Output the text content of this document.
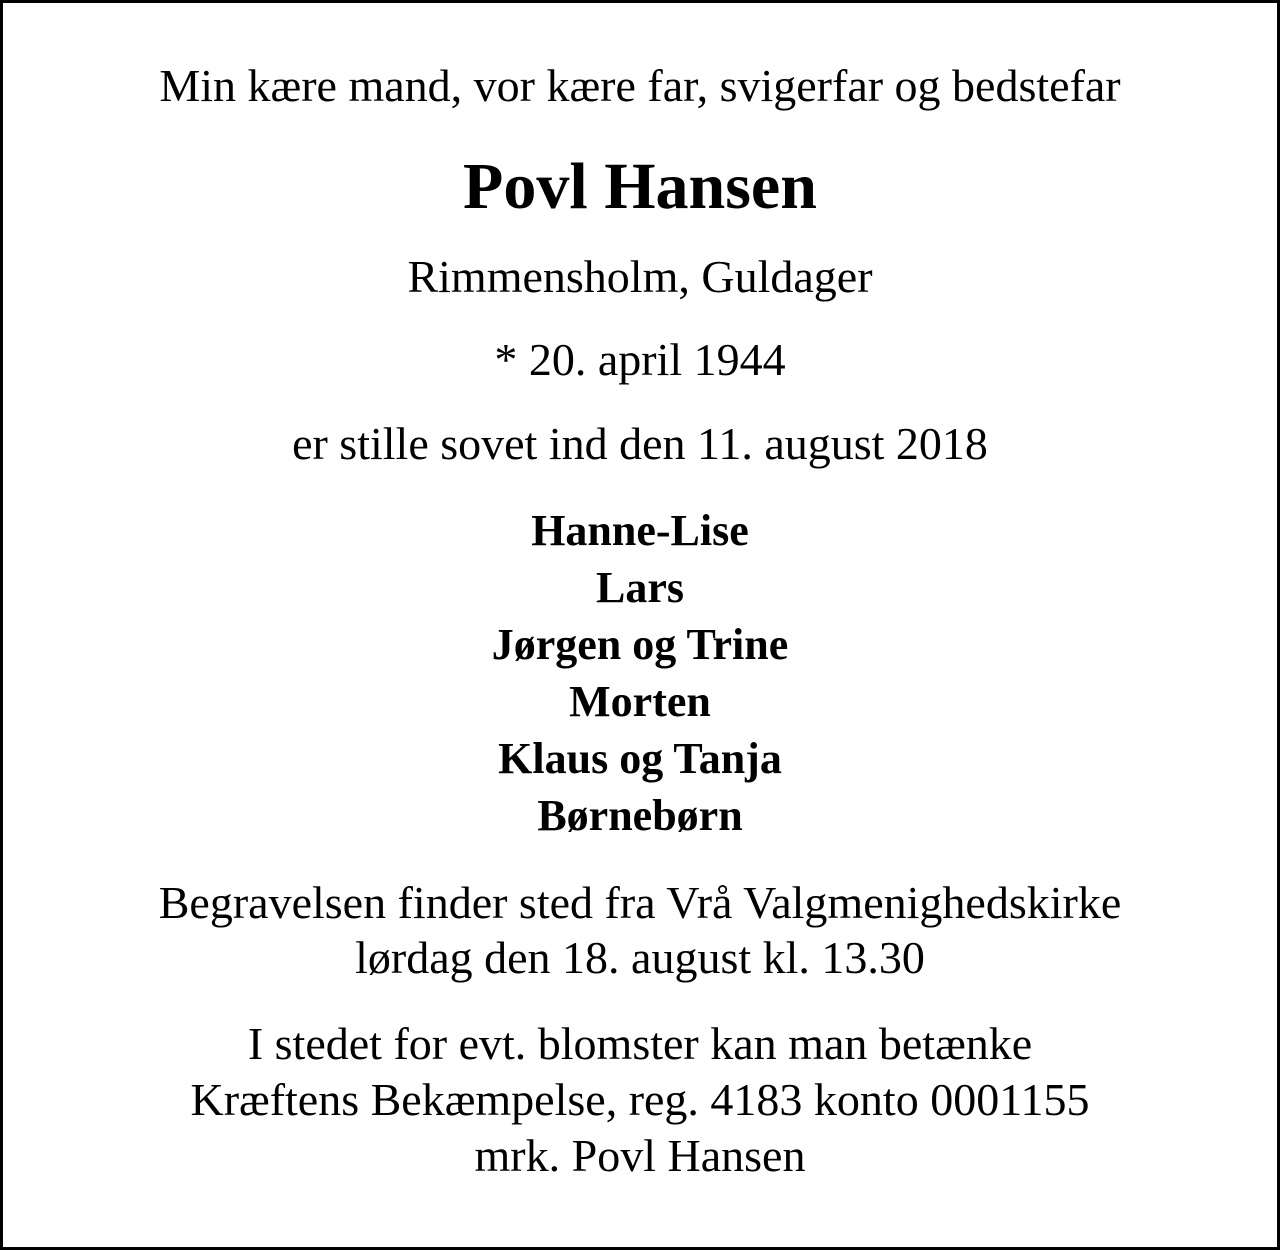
Min kære mand, vor kære far, svigerfar og bedstefar

Povl Hansen

Rimmensholm, Guldager

* 20. april 1944

er stille sovet ind den 11. august 2018

Hanne-Lise
Lars
Jørgen og Trine
Morten
Klaus og Tanja
Børnebørn
Begravelsen finder sted fra Vrå Valgmenighedskirke
lørdag den 18. august kl. 13.30
I stedet for evt. blomster kan man betænke
Kræftens Bekæmpelse, reg. 4183 konto 0001155
mrk. Povl Hansen
